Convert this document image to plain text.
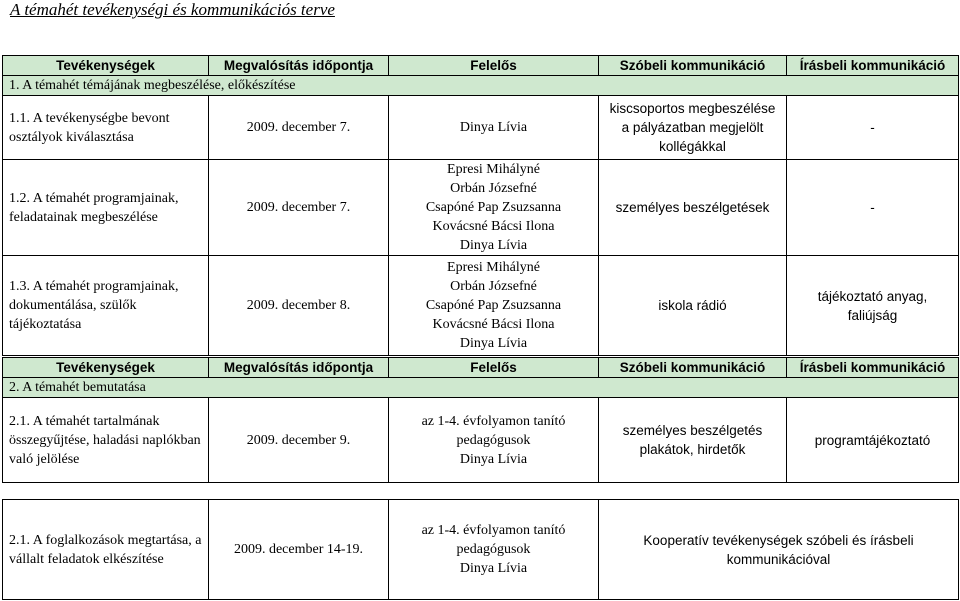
A témahét tevékenységi és kommunikációs terve
Tevékenységek	Megvalósítás időpontja	Felelős	Szóbeli kommunikáció	Írásbeli kommunikáció
1. A témahét témájának megbeszélése, előkészítése				
1.1. A tevékenységbe bevont osztályok kiválasztása	2009. december 7.	Dinya Lívia	kiscsoportos megbeszélése a pályázatban megjelölt kollégákkal	-
1.2. A témahét programjainak, feladatainak megbeszélése	2009. december 7.	Epresi Mihályné
Orbán Józsefné
Csapóné Pap Zsuzsanna
Kovácsné Bácsi Ilona
Dinya Lívia	személyes beszélgetések	-
1.3. A témahét programjainak, dokumentálása, szülők tájékoztatása	2009. december 8.	Epresi Mihályné
Orbán Józsefné
Csapóné Pap Zsuzsanna
Kovácsné Bácsi Ilona
Dinya Lívia	iskola rádió	tájékoztató anyag, faliújság
Tevékenységek	Megvalósítás időpontja	Felelős	Szóbeli kommunikáció	Írásbeli kommunikáció
2. A témahét bemutatása				
2.1. A témahét tartalmának összegyűjtése, haladási naplókban való jelölése	2009. december 9.	az 1-4. évfolyamon tanító
pedagógusok
Dinya Lívia	személyes beszélgetés plakátok, hirdetők	programtájékoztató

2.1. A foglalkozások megtartása, a vállalt feladatok elkészítése	2009. december 14-19.	az 1-4. évfolyamon tanító
pedagógusok
Dinya Lívia	Kooperatív tevékenységek szóbeli és írásbeli kommunikációval	
